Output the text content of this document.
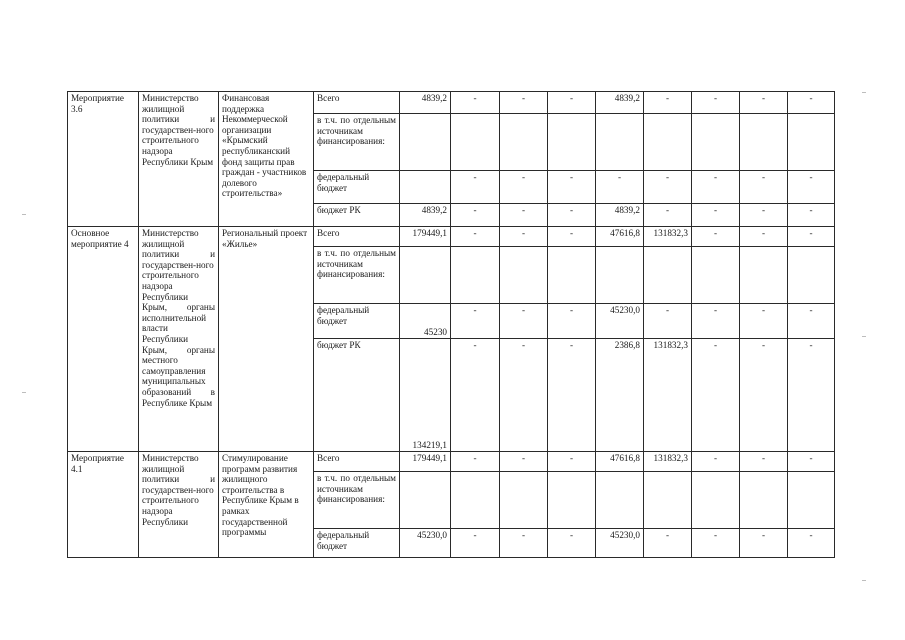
Мероприятие 3.6	Министерство жилищной политики и государствен-ного строительного надзора Республики Крым	Финансовая поддержка Некоммерческой организации «Крымский республиканский фонд защиты прав граждан - участников долевого строительства»	Всего	4839,2	-	-	-	4839,2	-	-	-	-
			в т.ч. по отдельным источникам финансирования:									
			федеральный бюджет		-	-	-	-	-	-	-	-
			бюджет РК	4839,2	-	-	-	4839,2	-	-	-	-
Основное мероприятие 4	Министерство жилищной политики и государствен-ного строительного надзора Республики Крым, органы исполнительной власти Республики Крым, органы местного самоуправления муниципальных образований в Республике Крым	Региональный проект «Жилье»	Всего	179449,1	-	-	-	47616,8	131832,3	-	-	-
			в т.ч. по отдельным источникам финансирования:									
			федеральный бюджет	45230	-	-	-	45230,0	-	-	-	-
			бюджет РК	134219,1	-	-	-	2386,8	131832,3	-	-	-
Мероприятие 4.1	Министерство жилищной политики и государствен-ного строительного надзора Республики	Стимулирование программ развития жилищного строительства в Республике Крым в рамках государственной программы	Всего	179449,1	-	-	-	47616,8	131832,3	-	-	-
			в т.ч. по отдельным источникам финансирования:									
			федеральный бюджет	45230,0	-	-	-	45230,0	-	-	-	-
